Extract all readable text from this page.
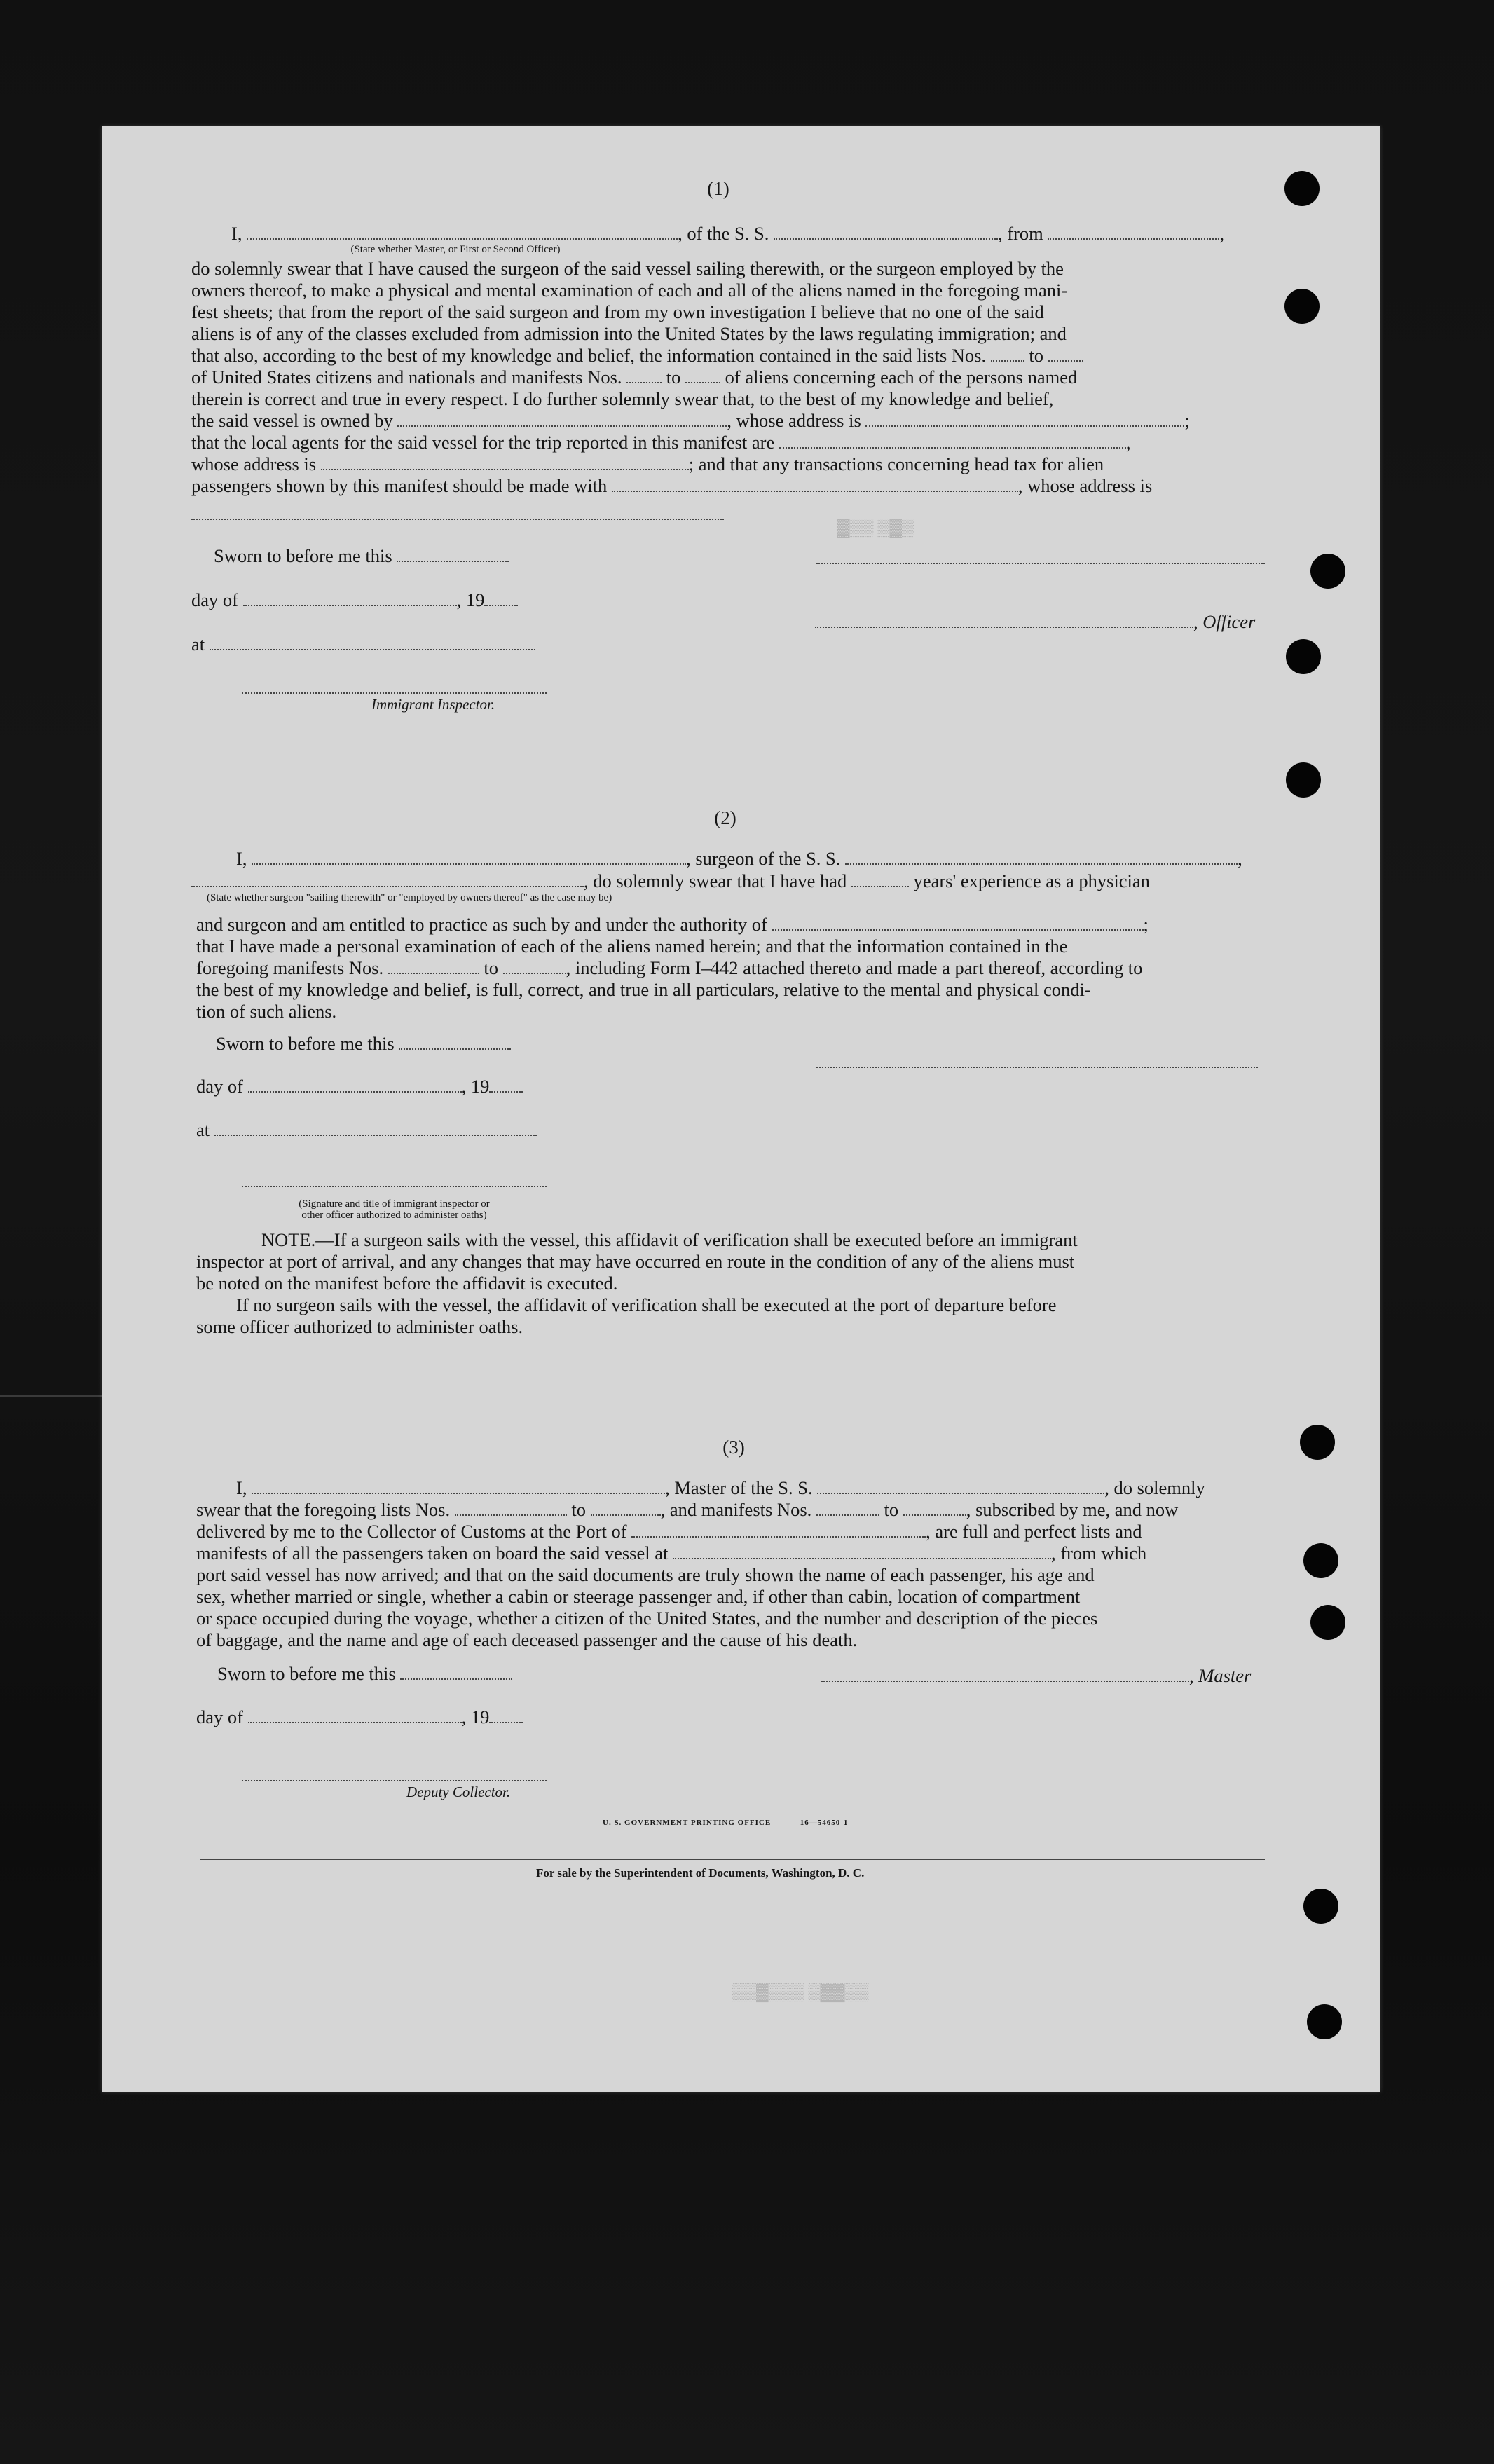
▓▒▒ ▒▓▒
▒▒▓▒▒▒ ▒▓▓▒▒
(1)
I,	, of the S. S.	, from	,
(State whether Master, or First or Second Officer)
do solemnly swear that I have caused the surgeon of the said vessel sailing therewith, or the surgeon employed by the
owners thereof, to make a physical and mental examination of each and all of the aliens named in the foregoing mani-
fest sheets; that from the report of the said surgeon and from my own investigation I believe that no one of the said
aliens is of any of the classes excluded from admission into the United States by the laws regulating immigration; and
that also, according to the best of my knowledge and belief, the information contained in the said lists Nos. to
of United States citizens and nationals and manifests Nos. to of aliens concerning each of the persons named
therein is correct and true in every respect. I do further solemnly swear that, to the best of my knowledge and belief,
the said vessel is owned by	, whose address is	;
that the local agents for the said vessel for the trip reported in this manifest are	,
whose address is	; and that any transactions concerning head tax for alien
passengers shown by this manifest should be made with	, whose address is
Sworn to before me this
day of	, 19
, Officer
at
Immigrant Inspector.
(2)
I,	, surgeon of the S. S.	,
, do solemnly swear that I have had	years' experience as a physician
(State whether surgeon "sailing therewith" or "employed by owners thereof" as the case may be)
and surgeon and am entitled to practice as such by and under the authority of	;
that I have made a personal examination of each of the aliens named herein; and that the information contained in the
foregoing manifests Nos.	to	, including Form I–442 attached thereto and made a part thereof, according to
the best of my knowledge and belief, is full, correct, and true in all particulars, relative to the mental and physical condi-
tion of such aliens.
Sworn to before me this
day of	, 19
at
(Signature and title of immigrant inspector or
other officer authorized to administer oaths)
NOTE.—If a surgeon sails with the vessel, this affidavit of verification shall be executed before an immigrant
inspector at port of arrival, and any changes that may have occurred en route in the condition of any of the aliens must
be noted on the manifest before the affidavit is executed.
If no surgeon sails with the vessel, the affidavit of verification shall be executed at the port of departure before
some officer authorized to administer oaths.
(3)
I,	, Master of the S. S.	, do solemnly
swear that the foregoing lists Nos.	to	, and manifests Nos.	to	, subscribed by me, and now
delivered by me to the Collector of Customs at the Port of	, are full and perfect lists and
manifests of all the passengers taken on board the said vessel at	, from which
port said vessel has now arrived; and that on the said documents are truly shown the name of each passenger, his age and
sex, whether married or single, whether a cabin or steerage passenger and, if other than cabin, location of compartment
or space occupied during the voyage, whether a citizen of the United States, and the number and description of the pieces
of baggage, and the name and age of each deceased passenger and the cause of his death.
Sworn to before me this	, Master
day of	, 19
Deputy Collector.
U. S. GOVERNMENT PRINTING OFFICE	16—54650-1
For sale by the Superintendent of Documents, Washington, D. C.
